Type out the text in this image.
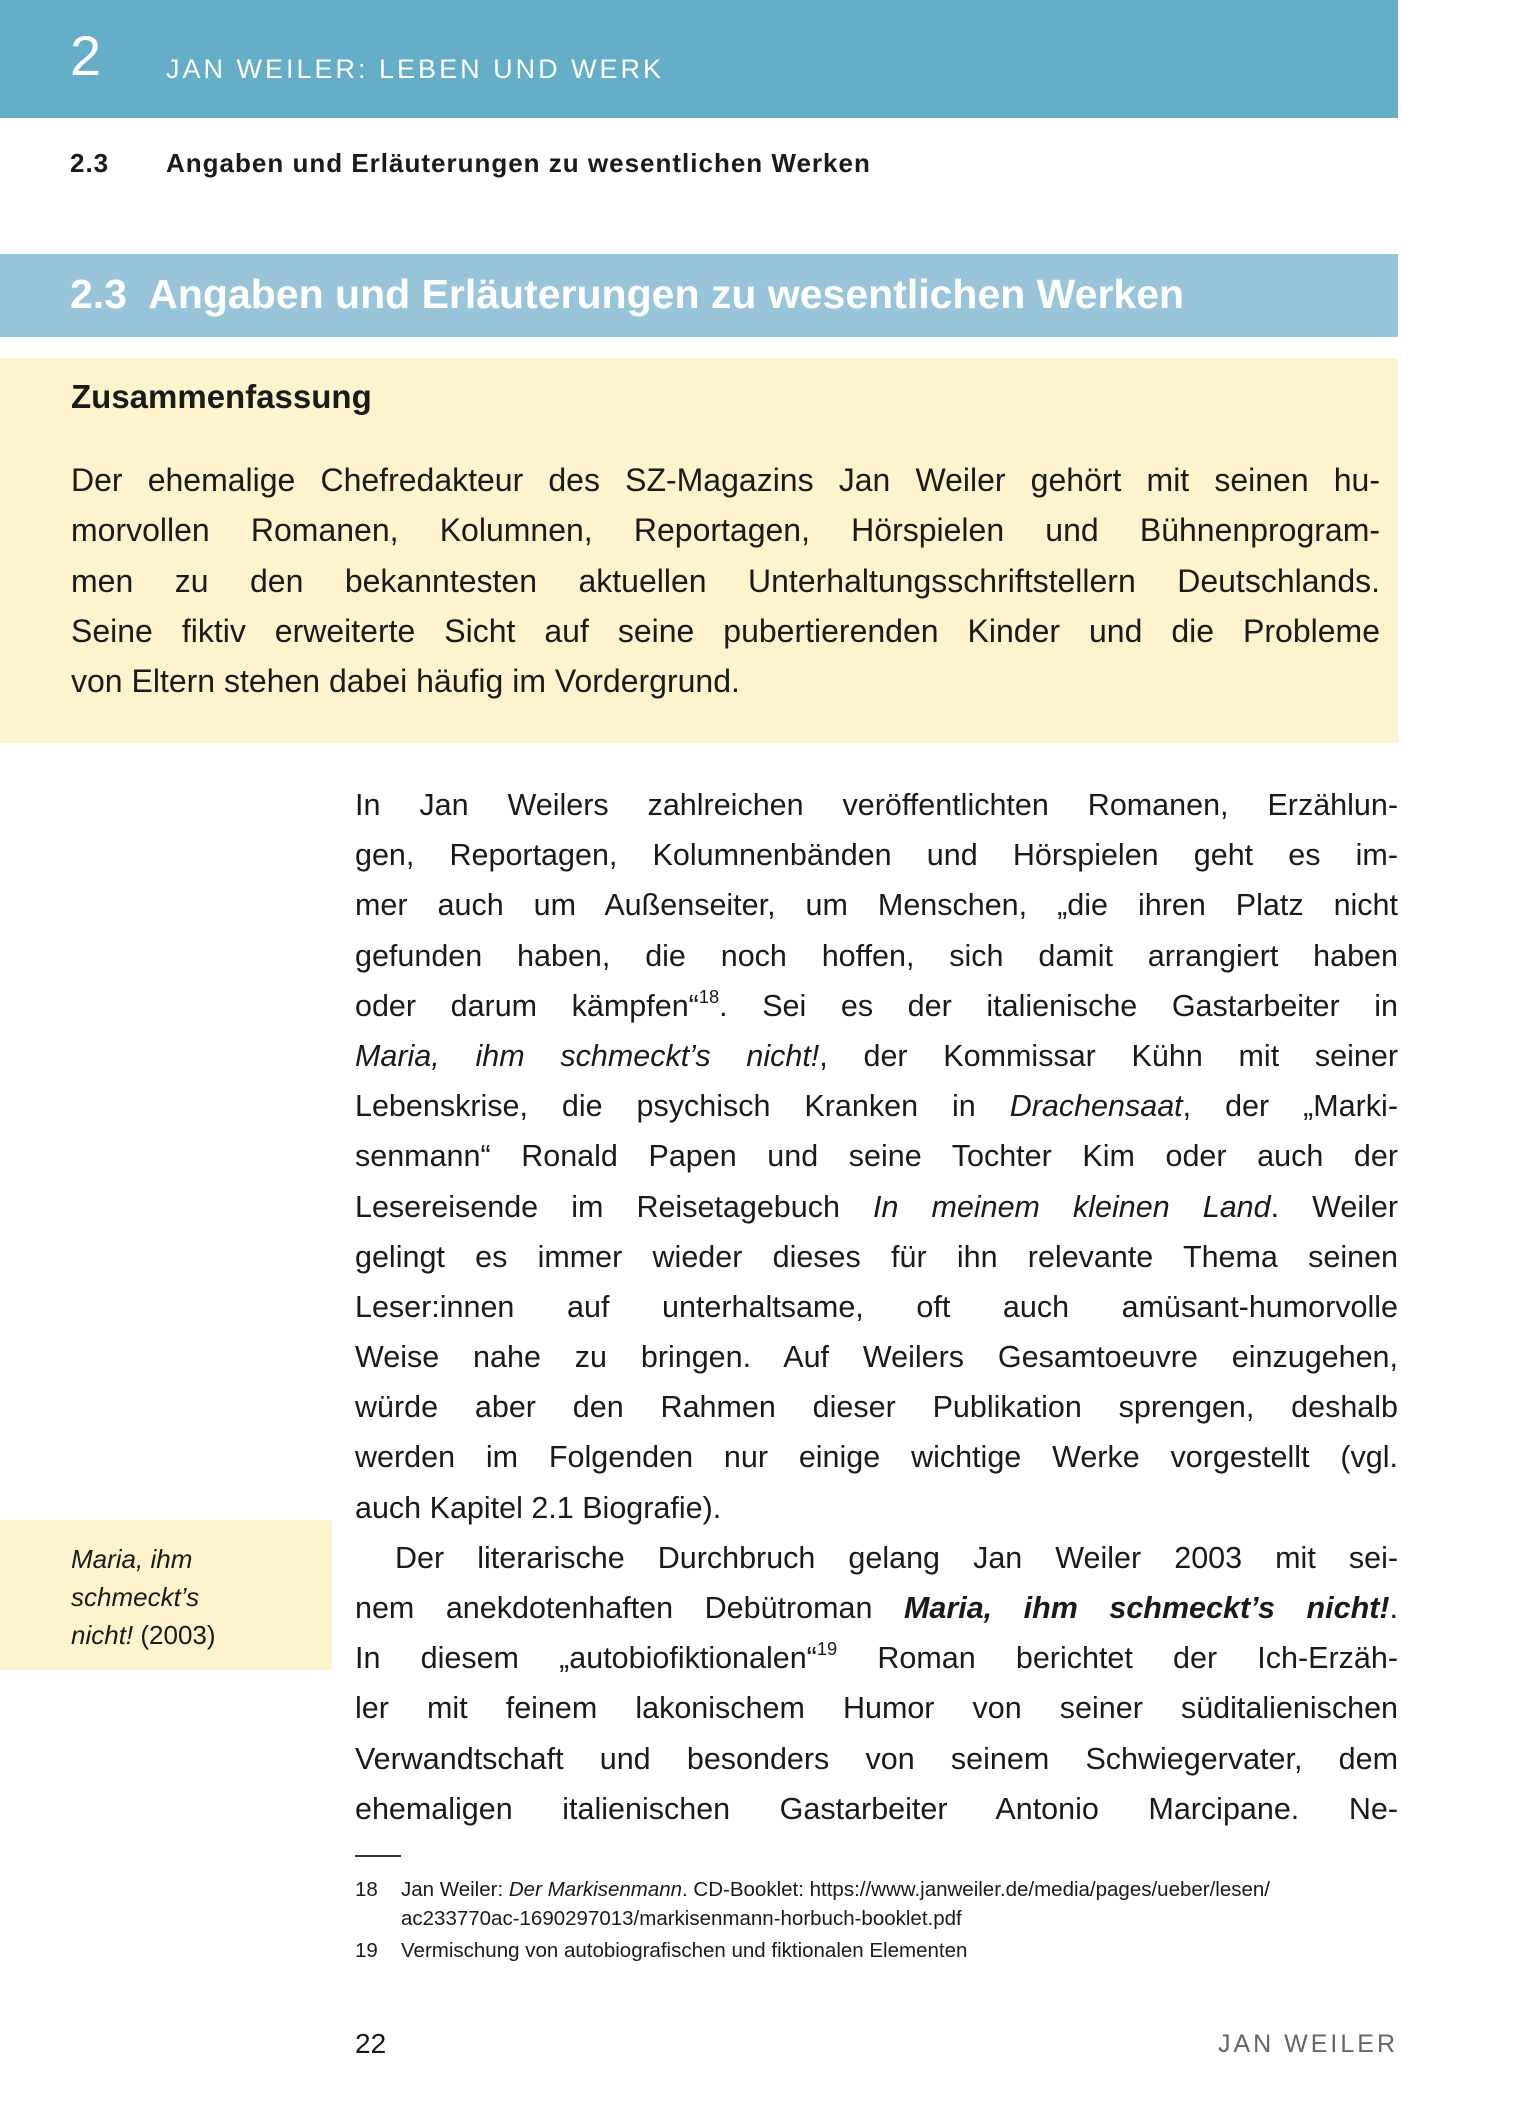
2 JAN WEILER: LEBEN UND WERK
2.3 Angaben und Erläuterungen zu wesentlichen Werken
2.3  Angaben und Erläuterungen zu wesentlichen Werken
Zusammenfassung
Der ehemalige Chefredakteur des SZ-Magazins Jan Weiler gehört mit seinen hu-
morvollen Romanen, Kolumnen, Reportagen, Hörspielen und Bühnenprogram-
men zu den bekanntesten aktuellen Unterhaltungsschriftstellern Deutschlands.
Seine fiktiv erweiterte Sicht auf seine pubertierenden Kinder und die Probleme
von Eltern stehen dabei häufig im Vordergrund.
In Jan Weilers zahlreichen veröffentlichten Romanen, Erzählun-
gen, Reportagen, Kolumnenbänden und Hörspielen geht es im-
mer auch um Außenseiter, um Menschen, „die ihren Platz nicht
gefunden haben, die noch hoffen, sich damit arrangiert haben
oder darum kämpfen“$^{18}$. Sei es der italienische Gastarbeiter in
Maria, ihm schmeckt’s nicht!, der Kommissar Kühn mit seiner
Lebenskrise, die psychisch Kranken in Drachensaat, der „Marki-
senmann“ Ronald Papen und seine Tochter Kim oder auch der
Lesereisende im Reisetagebuch In meinem kleinen Land. Weiler
gelingt es immer wieder dieses für ihn relevante Thema seinen
Leser:innen auf unterhaltsame, oft auch amüsant-humorvolle
Weise nahe zu bringen. Auf Weilers Gesamtoeuvre einzugehen,
würde aber den Rahmen dieser Publikation sprengen, deshalb
werden im Folgenden nur einige wichtige Werke vorgestellt (vgl.
auch Kapitel 2.1 Biografie).
Der literarische Durchbruch gelang Jan Weiler 2003 mit sei-
nem anekdotenhaften Debütroman Maria, ihm schmeckt’s nicht!.
In diesem „autobiofiktionalen“$^{19}$ Roman berichtet der Ich-Erzäh-
ler mit feinem lakonischem Humor von seiner süditalienischen
Verwandtschaft und besonders von seinem Schwiegervater, dem
ehemaligen italienischen Gastarbeiter Antonio Marcipane. Ne-
Maria, ihm
schmeckt’s
nicht! (2003)
18 Jan Weiler: Der Markisenmann. CD-Booklet: https://www.janweiler.de/media/pages/ueber/lesen/
ac233770ac-1690297013/markisenmann-horbuch-booklet.pdf
19 Vermischung von autobiografischen und fiktionalen Elementen
22	JAN WEILER
